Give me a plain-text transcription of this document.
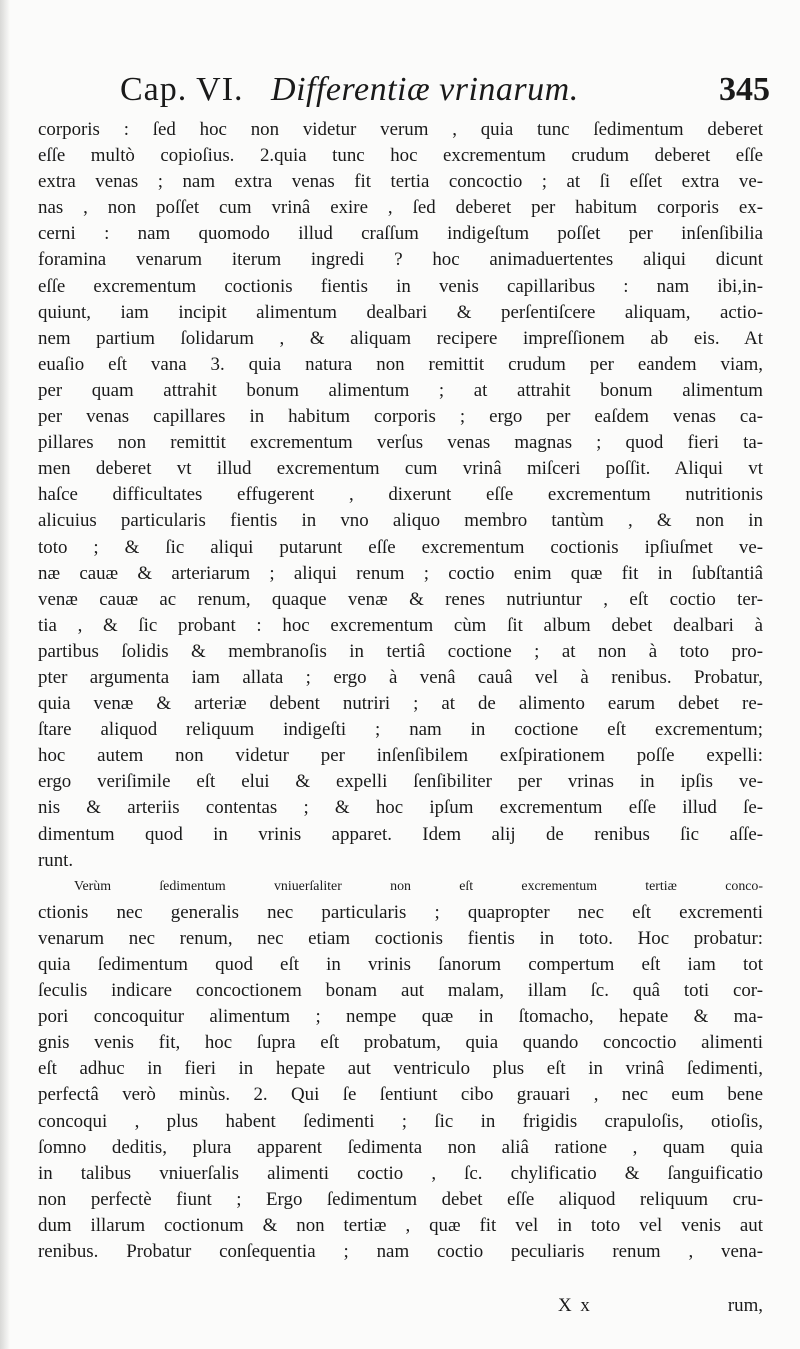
Cap. VI. Differentiæ vrinarum.	345
corporis : ſed hoc non videtur verum , quia tunc ſedimentum deberet
eſſe multò copioſius. 2.quia tunc hoc excrementum crudum deberet eſſe
extra venas ; nam extra venas fit tertia concoctio ; at ſi eſſet extra ve-
nas , non poſſet cum vrinâ exire , ſed deberet per habitum corporis ex-
cerni : nam quomodo illud craſſum indigeſtum poſſet per inſenſibilia
foramina venarum iterum ingredi ? hoc animaduertentes aliqui dicunt
eſſe excrementum coctionis fientis in venis capillaribus : nam ibi,in-
quiunt, iam incipit alimentum dealbari & perſentiſcere aliquam, actio-
nem partium ſolidarum , & aliquam recipere impreſſionem ab eis. At
euaſio eſt vana 3. quia natura non remittit crudum per eandem viam,
per quam attrahit bonum alimentum ; at attrahit bonum alimentum
per venas capillares in habitum corporis ; ergo per eaſdem venas ca-
pillares non remittit excrementum verſus venas magnas ; quod fieri ta-
men deberet vt illud excrementum cum vrinâ miſceri poſſit. Aliqui vt
haſce difficultates effugerent , dixerunt eſſe excrementum nutritionis
alicuius particularis fientis in vno aliquo membro tantùm , & non in
toto ; & ſic aliqui putarunt eſſe excrementum coctionis ipſiuſmet ve-
næ cauæ & arteriarum ; aliqui renum ; coctio enim quæ fit in ſubſtantiâ
venæ cauæ ac renum, quaque venæ & renes nutriuntur , eſt coctio ter-
tia , & ſic probant : hoc excrementum cùm ſit album debet dealbari à
partibus ſolidis & membranoſis in tertiâ coctione ; at non à toto pro-
pter argumenta iam allata ; ergo à venâ cauâ vel à renibus. Probatur,
quia venæ & arteriæ debent nutriri ; at de alimento earum debet re-
ſtare aliquod reliquum indigeſti ; nam in coctione eſt excrementum;
hoc autem non videtur per inſenſibilem exſpirationem poſſe expelli:
ergo veriſimile eſt elui & expelli ſenſibiliter per vrinas in ipſis ve-
nis & arteriis contentas ; & hoc ipſum excrementum eſſe illud ſe-
dimentum quod in vrinis apparet. Idem alij de renibus ſic aſſe-
runt.
Verùm ſedimentum vniuerſaliter non eſt excrementum tertiæ conco-
ctionis nec generalis nec particularis ; quapropter nec eſt excrementi
venarum nec renum, nec etiam coctionis fientis in toto. Hoc probatur:
quia ſedimentum quod eſt in vrinis ſanorum compertum eſt iam tot
ſeculis indicare concoctionem bonam aut malam, illam ſc. quâ toti cor-
pori concoquitur alimentum ; nempe quæ in ſtomacho, hepate & ma-
gnis venis fit, hoc ſupra eſt probatum, quia quando concoctio alimenti
eſt adhuc in fieri in hepate aut ventriculo plus eſt in vrinâ ſedimenti,
perfectâ verò minùs. 2. Qui ſe ſentiunt cibo grauari , nec eum bene
concoqui , plus habent ſedimenti ; ſic in frigidis crapuloſis, otioſis,
ſomno deditis, plura apparent ſedimenta non aliâ ratione , quam quia
in talibus vniuerſalis alimenti coctio , ſc. chylificatio & ſanguificatio
non perfectè fiunt ; Ergo ſedimentum debet eſſe aliquod reliquum cru-
dum illarum coctionum & non tertiæ , quæ fit vel in toto vel venis aut
renibus. Probatur conſequentia ; nam coctio peculiaris renum , vena-
X x	rum,
